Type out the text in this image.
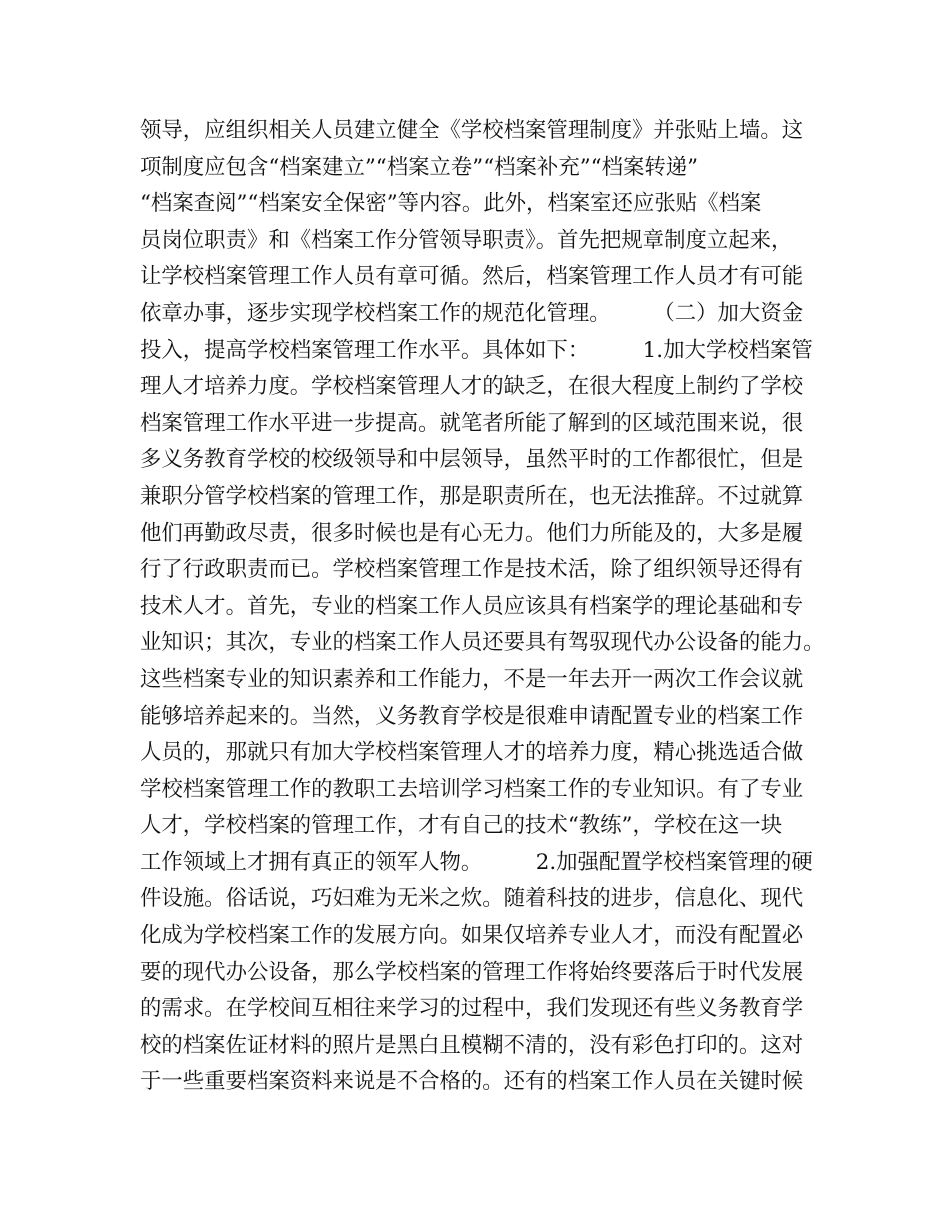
领导，应组织相关人员建立健全《学校档案管理制度》并张贴上墙。这
项制度应包含“档案建立”“档案立卷”“档案补充”“档案转递”
“档案查阅”“档案安全保密”等内容。此外，档案室还应张贴《档案
员岗位职责》和《档案工作分管领导职责》。首先把规章制度立起来，
让学校档案管理工作人员有章可循。然后，档案管理工作人员才有可能
依章办事，逐步实现学校档案工作的规范化管理。　　　（二）加大资金
投入，提高学校档案管理工作水平。具体如下：　　　1.加大学校档案管
理人才培养力度。学校档案管理人才的缺乏，在很大程度上制约了学校
档案管理工作水平进一步提高。就笔者所能了解到的区域范围来说，很
多义务教育学校的校级领导和中层领导，虽然平时的工作都很忙，但是
兼职分管学校档案的管理工作，那是职责所在，也无法推辞。不过就算
他们再勤政尽责，很多时候也是有心无力。他们力所能及的，大多是履
行了行政职责而已。学校档案管理工作是技术活，除了组织领导还得有
技术人才。首先，专业的档案工作人员应该具有档案学的理论基础和专
业知识；其次，专业的档案工作人员还要具有驾驭现代办公设备的能力。
这些档案专业的知识素养和工作能力，不是一年去开一两次工作会议就
能够培养起来的。当然，义务教育学校是很难申请配置专业的档案工作
人员的，那就只有加大学校档案管理人才的培养力度，精心挑选适合做
学校档案管理工作的教职工去培训学习档案工作的专业知识。有了专业
人才，学校档案的管理工作，才有自己的技术“教练”，学校在这一块
工作领域上才拥有真正的领军人物。　　　2.加强配置学校档案管理的硬
件设施。俗话说，巧妇难为无米之炊。随着科技的进步，信息化、现代
化成为学校档案工作的发展方向。如果仅培养专业人才，而没有配置必
要的现代办公设备，那么学校档案的管理工作将始终要落后于时代发展
的需求。在学校间互相往来学习的过程中，我们发现还有些义务教育学
校的档案佐证材料的照片是黑白且模糊不清的，没有彩色打印的。这对
于一些重要档案资料来说是不合格的。还有的档案工作人员在关键时候
